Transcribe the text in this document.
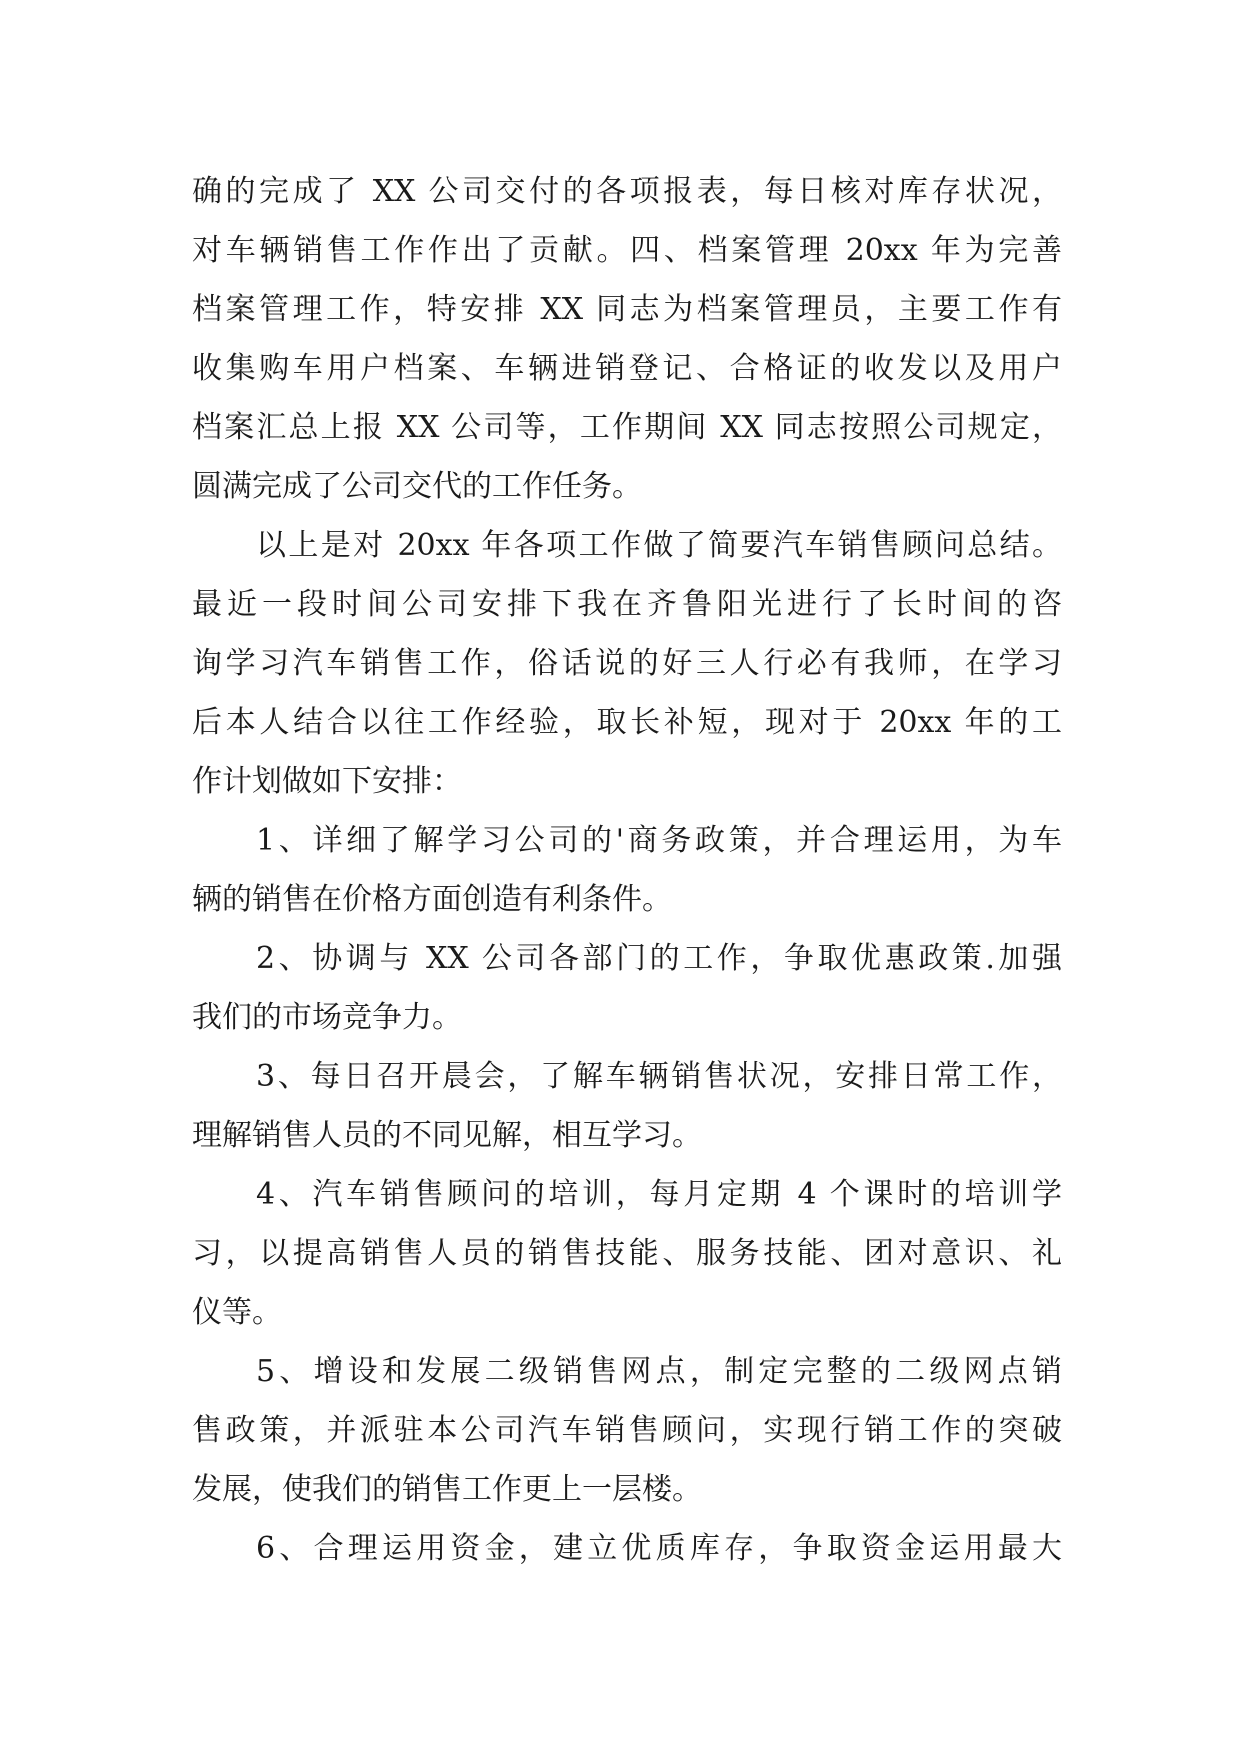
确的完成了 XX 公司交付的各项报表，每日核对库存状况，
对车辆销售工作作出了贡献。四、档案管理 20xx 年为完善
档案管理工作，特安排 XX 同志为档案管理员，主要工作有
收集购车用户档案、车辆进销登记、合格证的收发以及用户
档案汇总上报 XX 公司等，工作期间 XX 同志按照公司规定，
圆满完成了公司交代的工作任务。
以上是对 20xx 年各项工作做了简要汽车销售顾问总结。
最近一段时间公司安排下我在齐鲁阳光进行了长时间的咨
询学习汽车销售工作，俗话说的好三人行必有我师，在学习
后本人结合以往工作经验，取长补短，现对于 20xx 年的工
作计划做如下安排：
1、详细了解学习公司的'商务政策，并合理运用，为车
辆的销售在价格方面创造有利条件。
2、协调与 XX 公司各部门的工作，争取优惠政策.加强
我们的市场竞争力。
3、每日召开晨会，了解车辆销售状况，安排日常工作，
理解销售人员的不同见解，相互学习。
4、汽车销售顾问的培训，每月定期 4 个课时的培训学
习，以提高销售人员的销售技能、服务技能、团对意识、礼
仪等。
5、增设和发展二级销售网点，制定完整的二级网点销
售政策，并派驻本公司汽车销售顾问，实现行销工作的突破
发展，使我们的销售工作更上一层楼。
6、合理运用资金，建立优质库存，争取资金运用最大
